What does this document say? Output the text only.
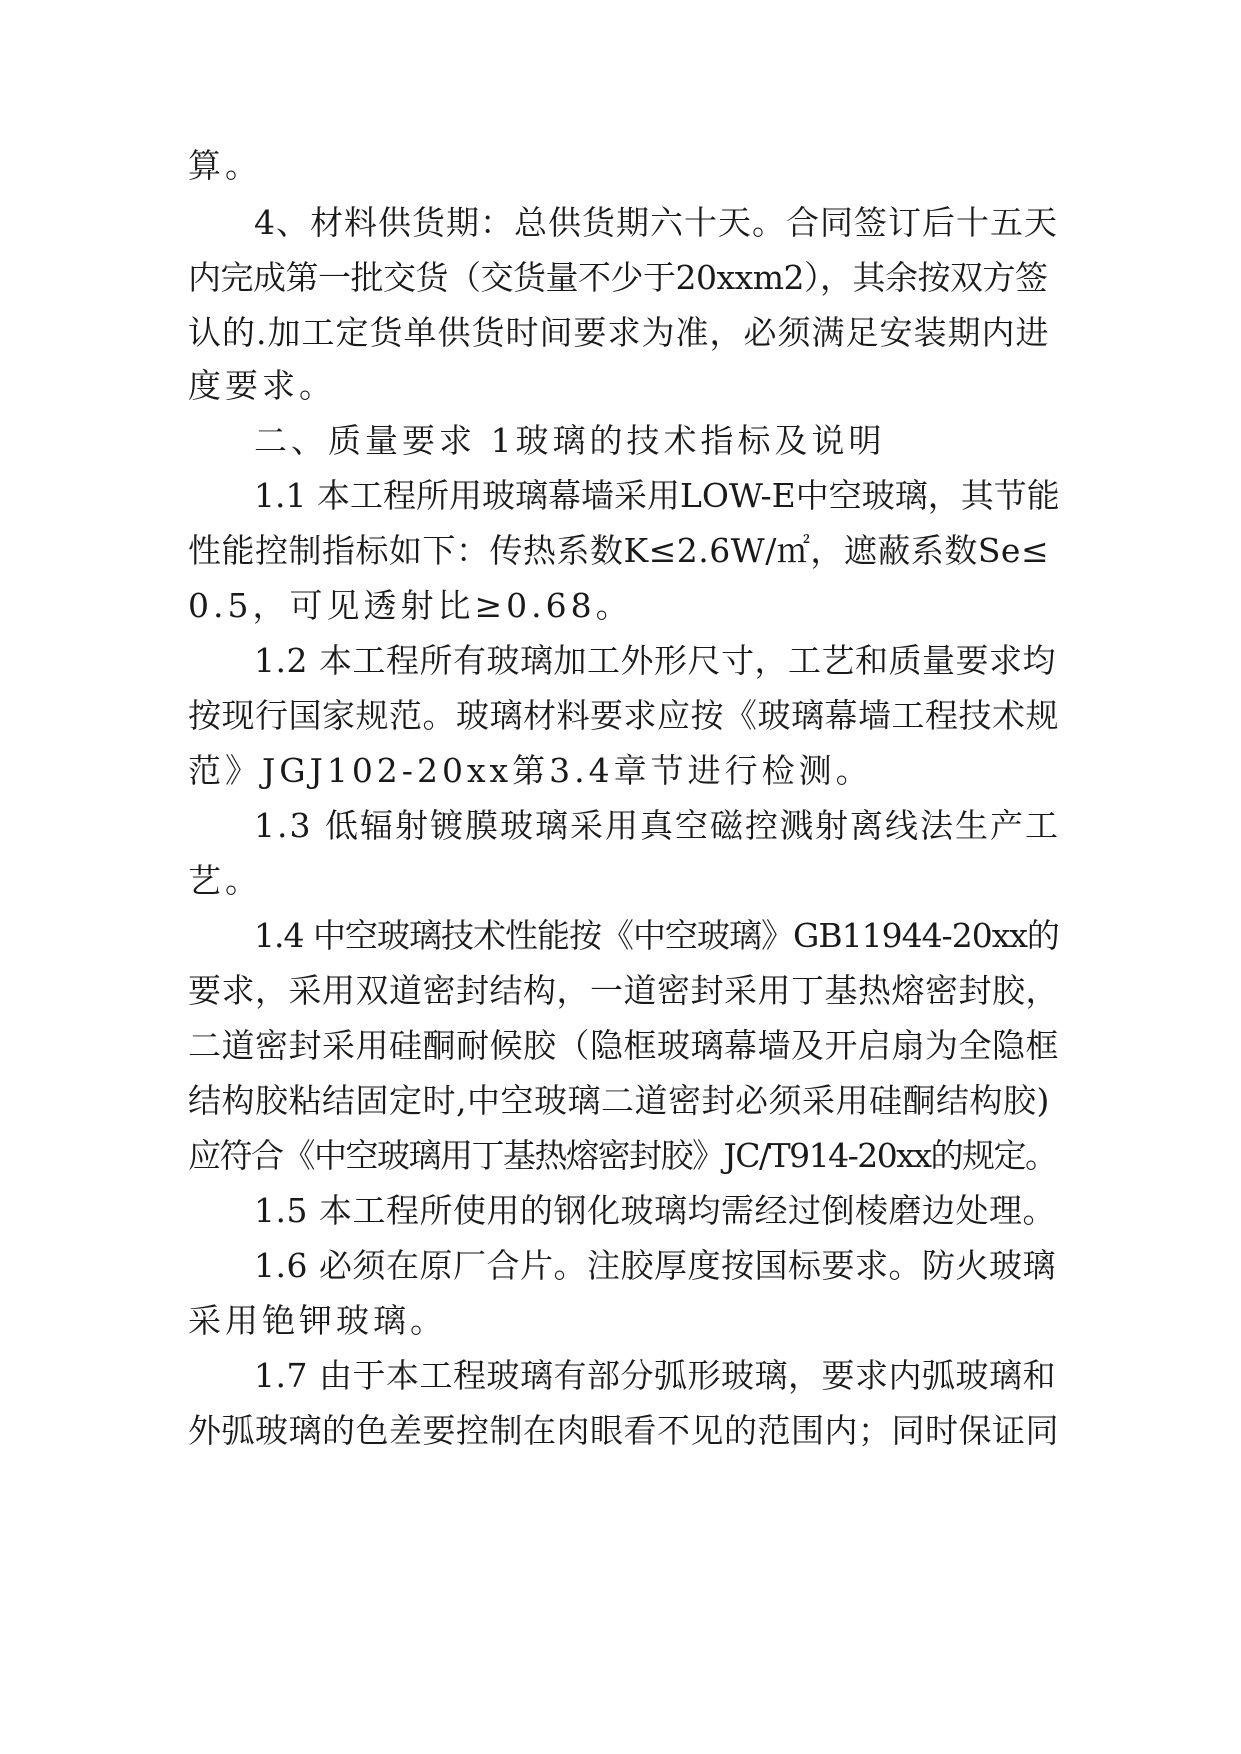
算。
4、材料供货期：总供货期六十天。合同签订后十五天
内完成第一批交货（交货量不少于20xxm2），其余按双方签
认的.加工定货单供货时间要求为准，必须满足安装期内进
度要求。
二、质量要求 1玻璃的技术指标及说明
1.1 本工程所用玻璃幕墙采用LOW-E中空玻璃，其节能
性能控制指标如下：传热系数K≤2.6W/㎡，遮蔽系数Se≤
0.5，可见透射比≥0.68。
1.2 本工程所有玻璃加工外形尺寸，工艺和质量要求均
按现行国家规范。玻璃材料要求应按《玻璃幕墙工程技术规
范》JGJ102-20xx第3.4章节进行检测。
1.3 低辐射镀膜玻璃采用真空磁控溅射离线法生产工
艺。
1.4 中空玻璃技术性能按《中空玻璃》GB11944-20xx的
要求，采用双道密封结构，一道密封采用丁基热熔密封胶，
二道密封采用硅酮耐候胶（隐框玻璃幕墙及开启扇为全隐框
结构胶粘结固定时,中空玻璃二道密封必须采用硅酮结构胶)
应符合《中空玻璃用丁基热熔密封胶》JC/T914-20xx的规定。
1.5 本工程所使用的钢化玻璃均需经过倒棱磨边处理。
1.6 必须在原厂合片。注胶厚度按国标要求。防火玻璃
采用铯钾玻璃。
1.7 由于本工程玻璃有部分弧形玻璃，要求内弧玻璃和
外弧玻璃的色差要控制在肉眼看不见的范围内；同时保证同
